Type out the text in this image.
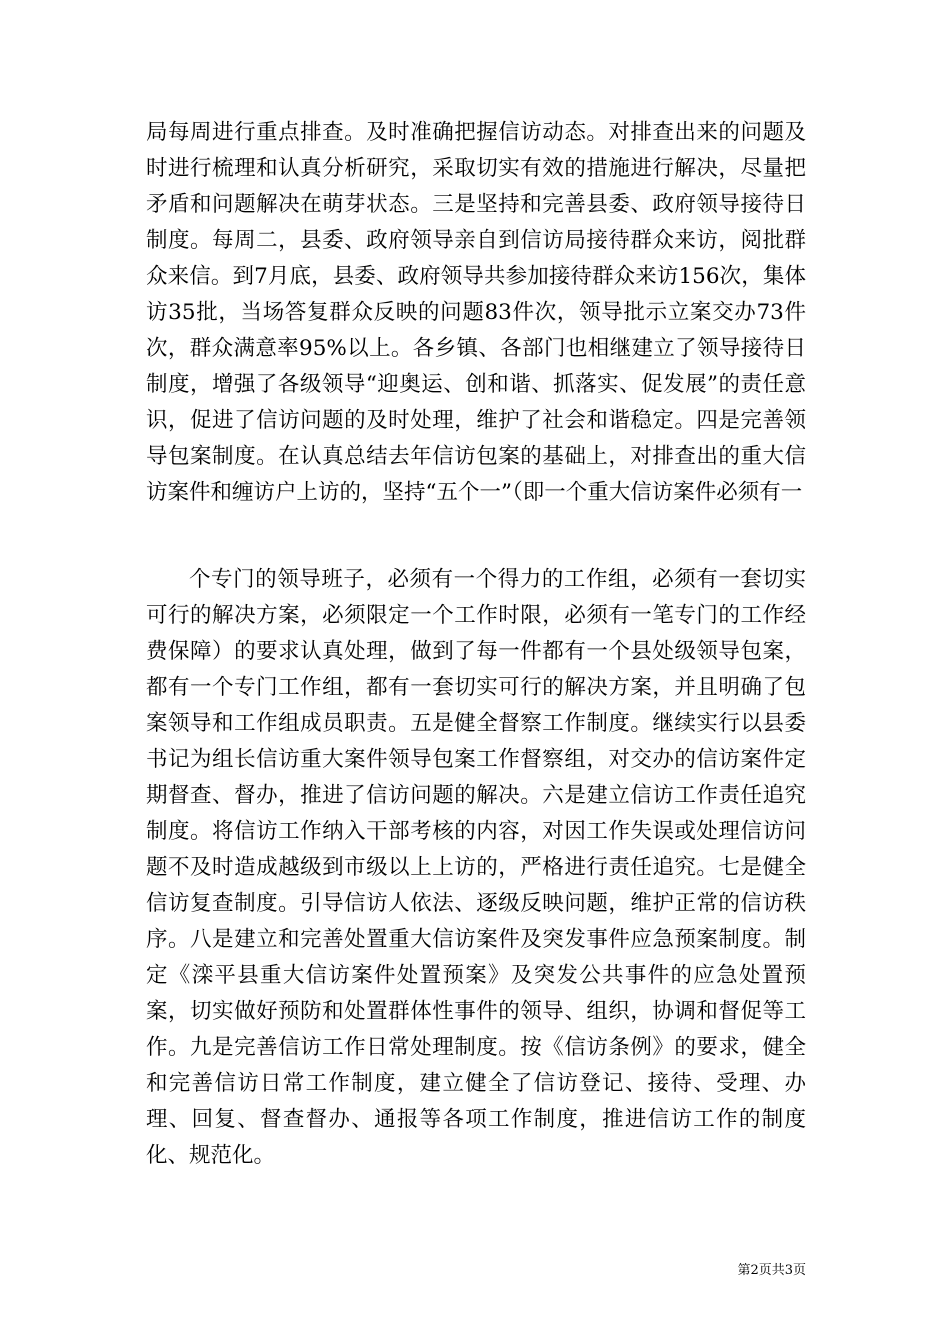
局每周进行重点排查。及时准确把握信访动态。对排查出来的问题及时进行梳理和认真分析研究，采取切实有效的措施进行解决，尽量把矛盾和问题解决在萌芽状态。三是坚持和完善县委、政府领导接待日制度。每周二，县委、政府领导亲自到信访局接待群众来访，阅批群众来信。到7月底，县委、政府领导共参加接待群众来访156次，集体访35批，当场答复群众反映的问题83件次，领导批示立案交办73件次，群众满意率95%以上。各乡镇、各部门也相继建立了领导接待日制度，增强了各级领导“迎奥运、创和谐、抓落实、促发展”的责任意识，促进了信访问题的及时处理，维护了社会和谐稳定。四是完善领导包案制度。在认真总结去年信访包案的基础上，对排查出的重大信访案件和缠访户上访的，坚持“五个一”（即一个重大信访案件必须有一

个专门的领导班子，必须有一个得力的工作组，必须有一套切实可行的解决方案，必须限定一个工作时限，必须有一笔专门的工作经费保障）的要求认真处理，做到了每一件都有一个县处级领导包案，都有一个专门工作组，都有一套切实可行的解决方案，并且明确了包案领导和工作组成员职责。五是健全督察工作制度。继续实行以县委书记为组长信访重大案件领导包案工作督察组，对交办的信访案件定期督查、督办，推进了信访问题的解决。六是建立信访工作责任追究制度。将信访工作纳入干部考核的内容，对因工作失误或处理信访问题不及时造成越级到市级以上上访的，严格进行责任追究。七是健全信访复查制度。引导信访人依法、逐级反映问题，维护正常的信访秩序。八是建立和完善处置重大信访案件及突发事件应急预案制度。制定《滦平县重大信访案件处置预案》及突发公共事件的应急处置预案，切实做好预防和处置群体性事件的领导、组织，协调和督促等工作。九是完善信访工作日常处理制度。按《信访条例》的要求，健全和完善信访日常工作制度，建立健全了信访登记、接待、受理、办理、回复、督查督办、通报等各项工作制度，推进信访工作的制度化、规范化。

第2页共3页
